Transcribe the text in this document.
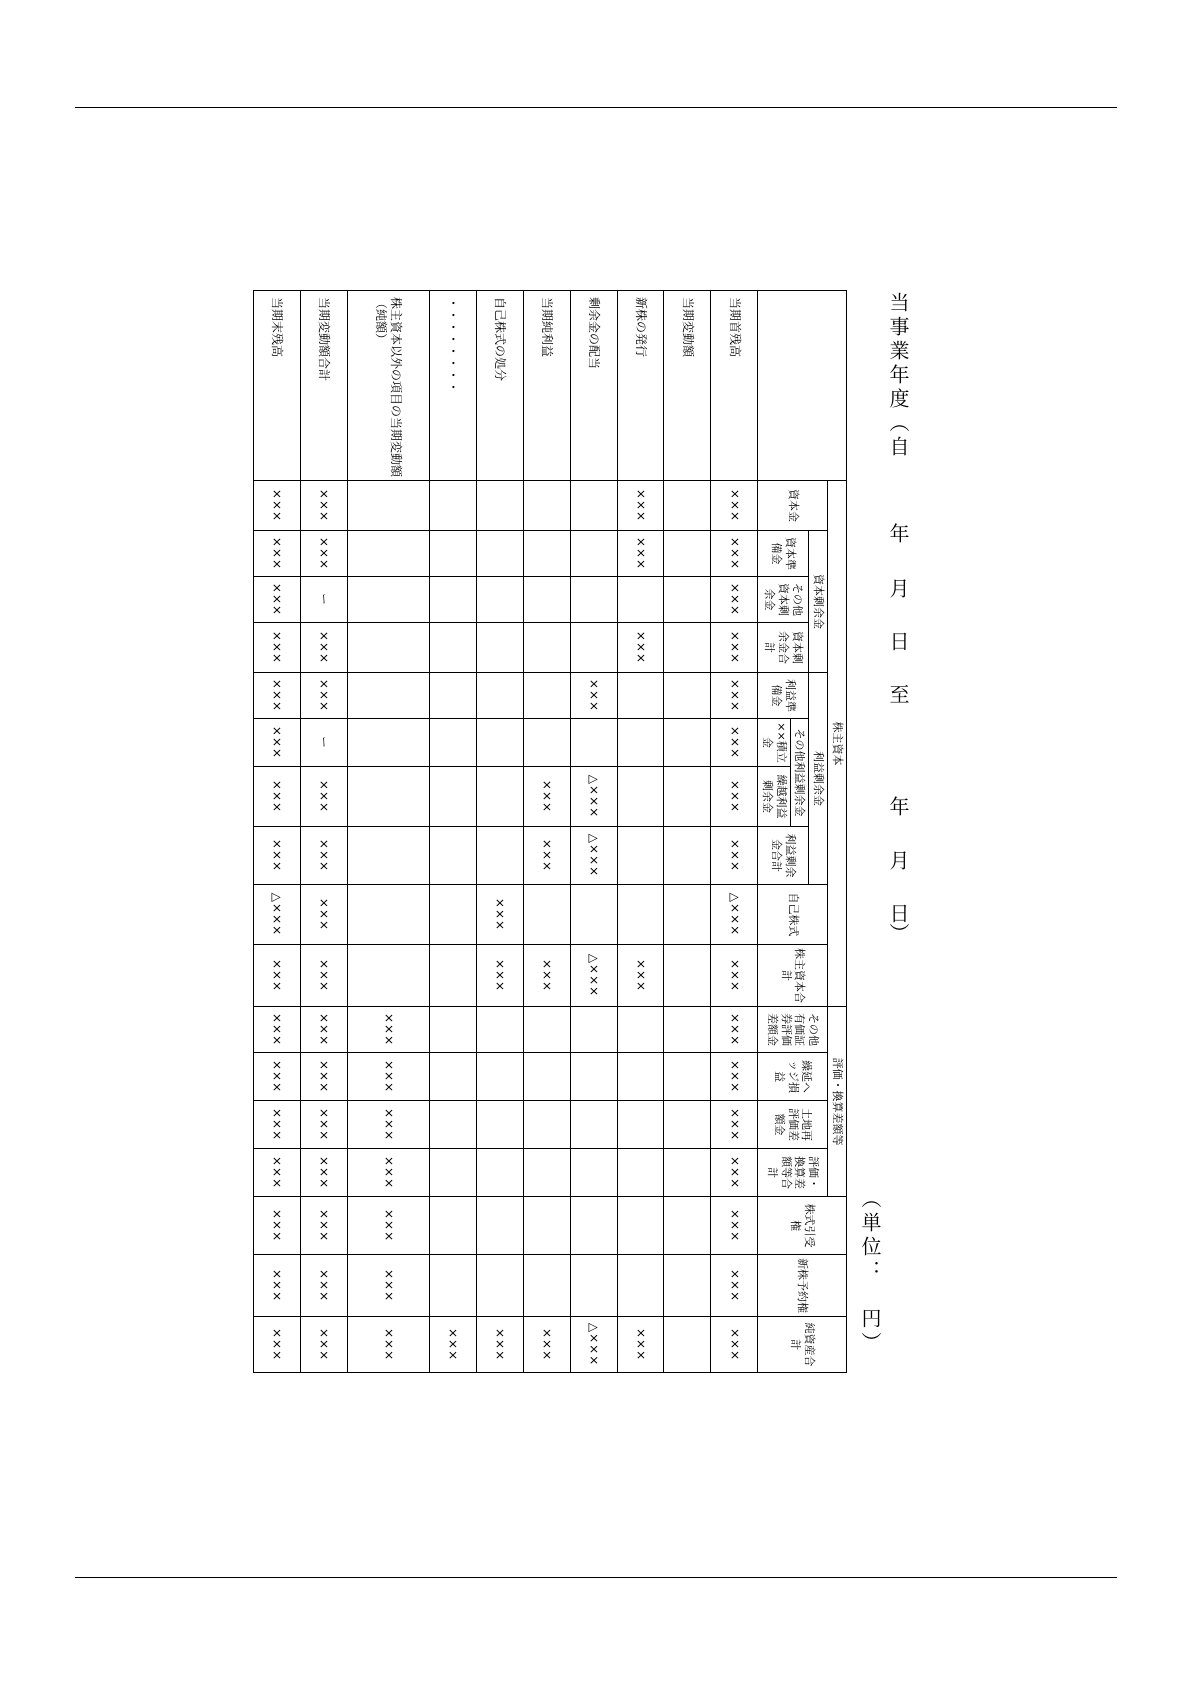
当事業年度（自
年
月
日
至
年
月
日）
（単位：　円）
	株主資本										評価・換算差額等				株式引受権	新株予約権	純資産合計
	資本金	資本剰余金			利益剰余金				自己株式	株主資本合計	その他有価証券評価差額金	繰延ヘッジ損益	土地再評価差額金	評価・換算差額等合計			
		資本準備金	その他資本剰余金	資本剰余金合計	利益準備金	その他利益剰余金		利益剰余金合計									
						××積立金	繰越利益剰余金										
当期首残高	×××	×××	×××	×××	×××	×××	×××	×××	△×××	×××	×××	×××	×××	×××	×××	×××	×××
当期変動額																	
新株の発行	×××	×××		×××						×××							×××
剰余金の配当					×××		△×××	△×××		△×××							△×××
当期純利益							×××	×××		×××							×××
自己株式の処分									×××	×××							×××
・・・・・・・・																	×××
株主資本以外の項目の当期変動額（純額）											×××	×××	×××	×××	×××	×××	×××
当期変動額合計	×××	×××	ー	×××	×××	ー	×××	×××	×××	×××	×××	×××	×××	×××	×××	×××	×××
当期末残高	×××	×××	×××	×××	×××	×××	×××	×××	△×××	×××	×××	×××	×××	×××	×××	×××	×××
